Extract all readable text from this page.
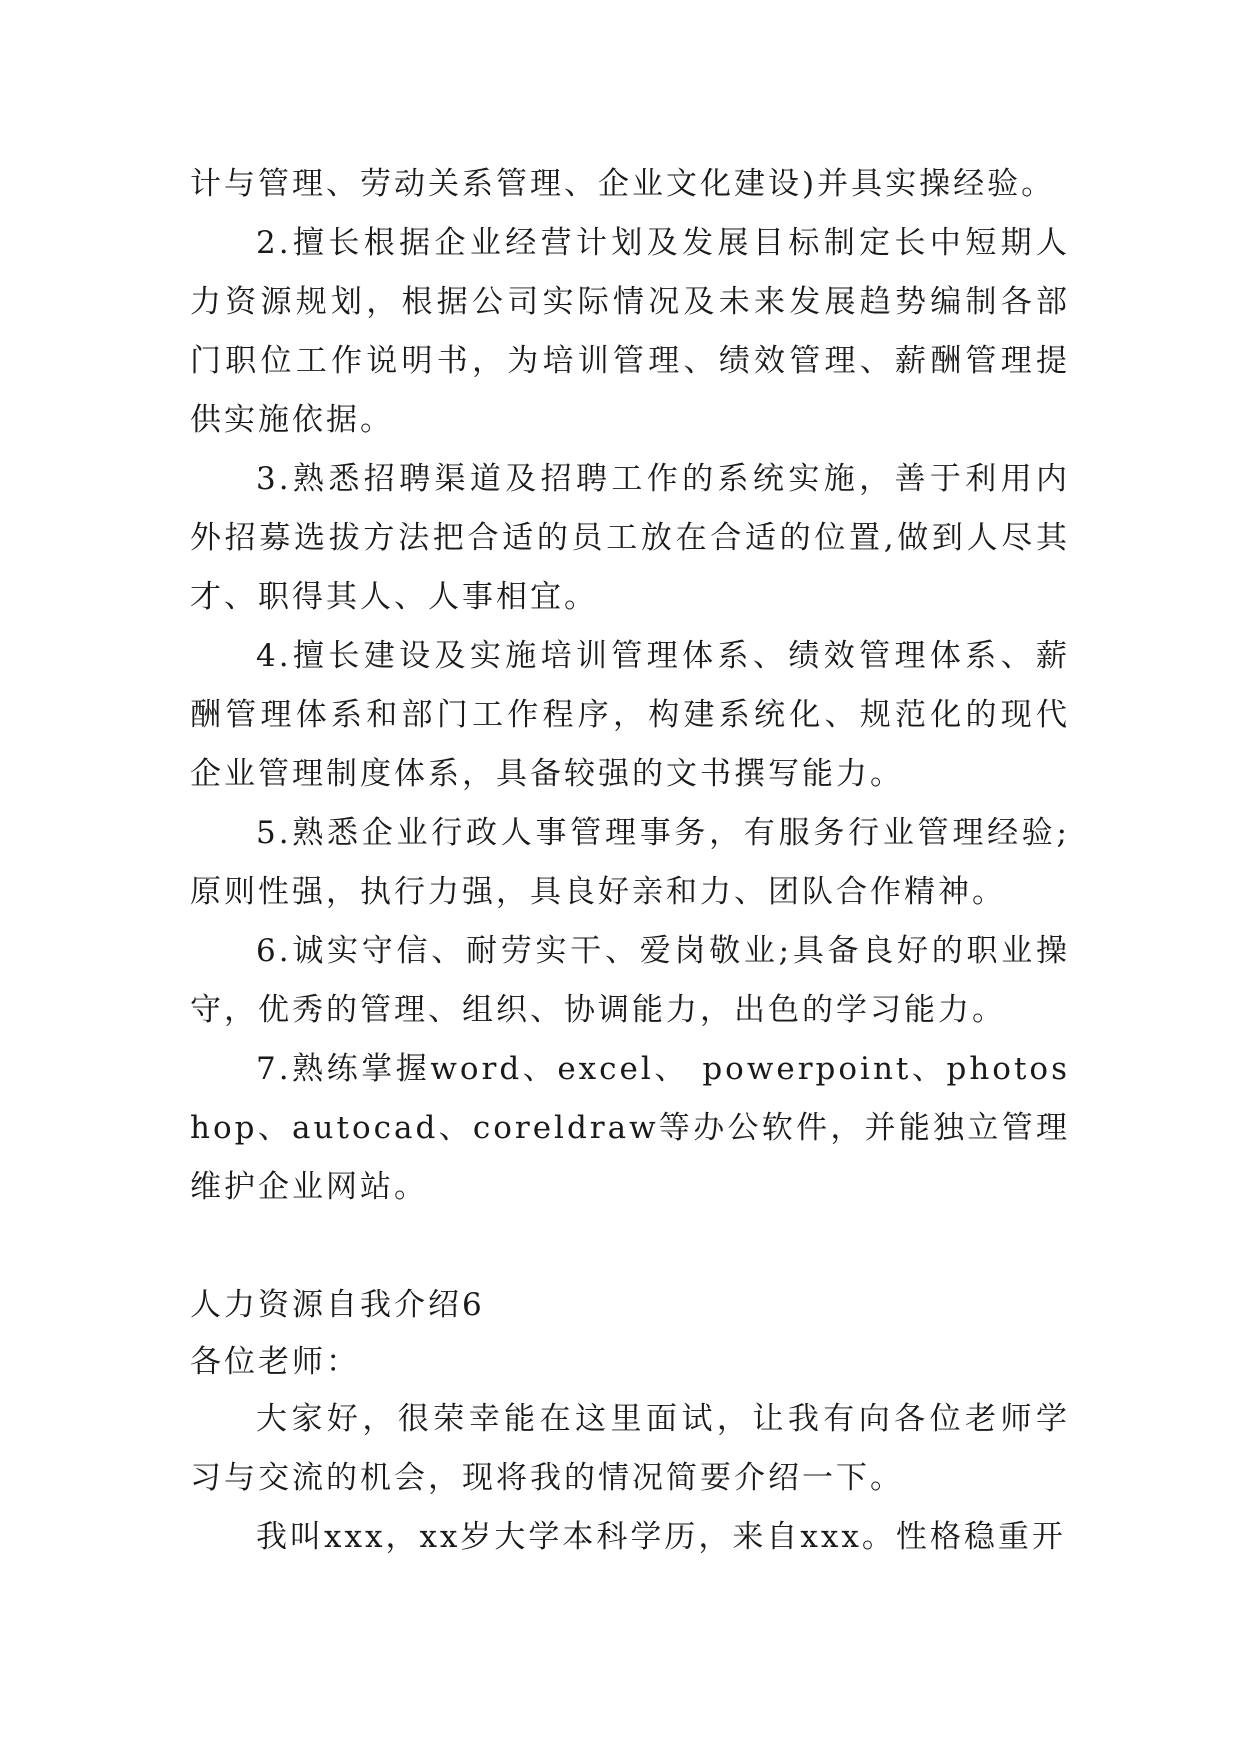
计与管理、劳动关系管理、企业文化建设)并具实操经验。

2.擅长根据企业经营计划及发展目标制定长中短期人力资源规划，根据公司实际情况及未来发展趋势编制各部门职位工作说明书，为培训管理、绩效管理、薪酬管理提供实施依据。

3.熟悉招聘渠道及招聘工作的系统实施，善于利用内外招募选拔方法把合适的员工放在合适的位置,做到人尽其才、职得其人、人事相宜。

4.擅长建设及实施培训管理体系、绩效管理体系、薪酬管理体系和部门工作程序，构建系统化、规范化的现代企业管理制度体系，具备较强的文书撰写能力。

5.熟悉企业行政人事管理事务，有服务行业管理经验;原则性强，执行力强，具良好亲和力、团队合作精神。

6.诚实守信、耐劳实干、爱岗敬业;具备良好的职业操守，优秀的管理、组织、协调能力，出色的学习能力。

7.熟练掌握word、excel、 powerpoint、photoshop、autocad、coreldraw等办公软件，并能独立管理维护企业网站。

人力资源自我介绍6

各位老师：

大家好，很荣幸能在这里面试，让我有向各位老师学习与交流的机会，现将我的情况简要介绍一下。

我叫xxx，xx岁大学本科学历，来自xxx。性格稳重开
